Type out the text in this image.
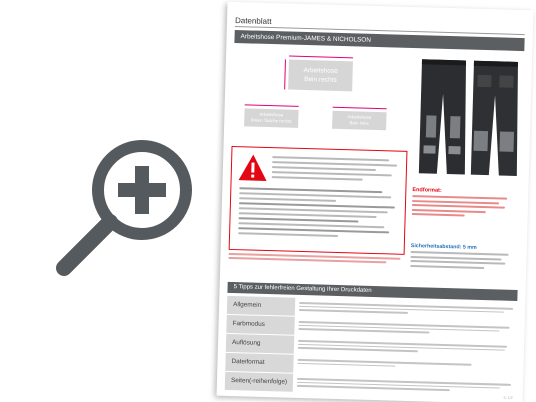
Datenblatt
Arbeitshose Premium-JAMES & NICHOLSON
Arbeitshose
Bein rechts
Arbeitshose
linken Tasche rechts
Arbeitshose
Bein links
Endformat:
Sicherheitsabstand: 5 mm
5 Tipps zur fehlerfreien Gestaltung Ihrer Druckdaten
Allgemein
Farbmodus
Auflösung
Dateiformat
Seiten(-reihenfolge)
S. 1/2
